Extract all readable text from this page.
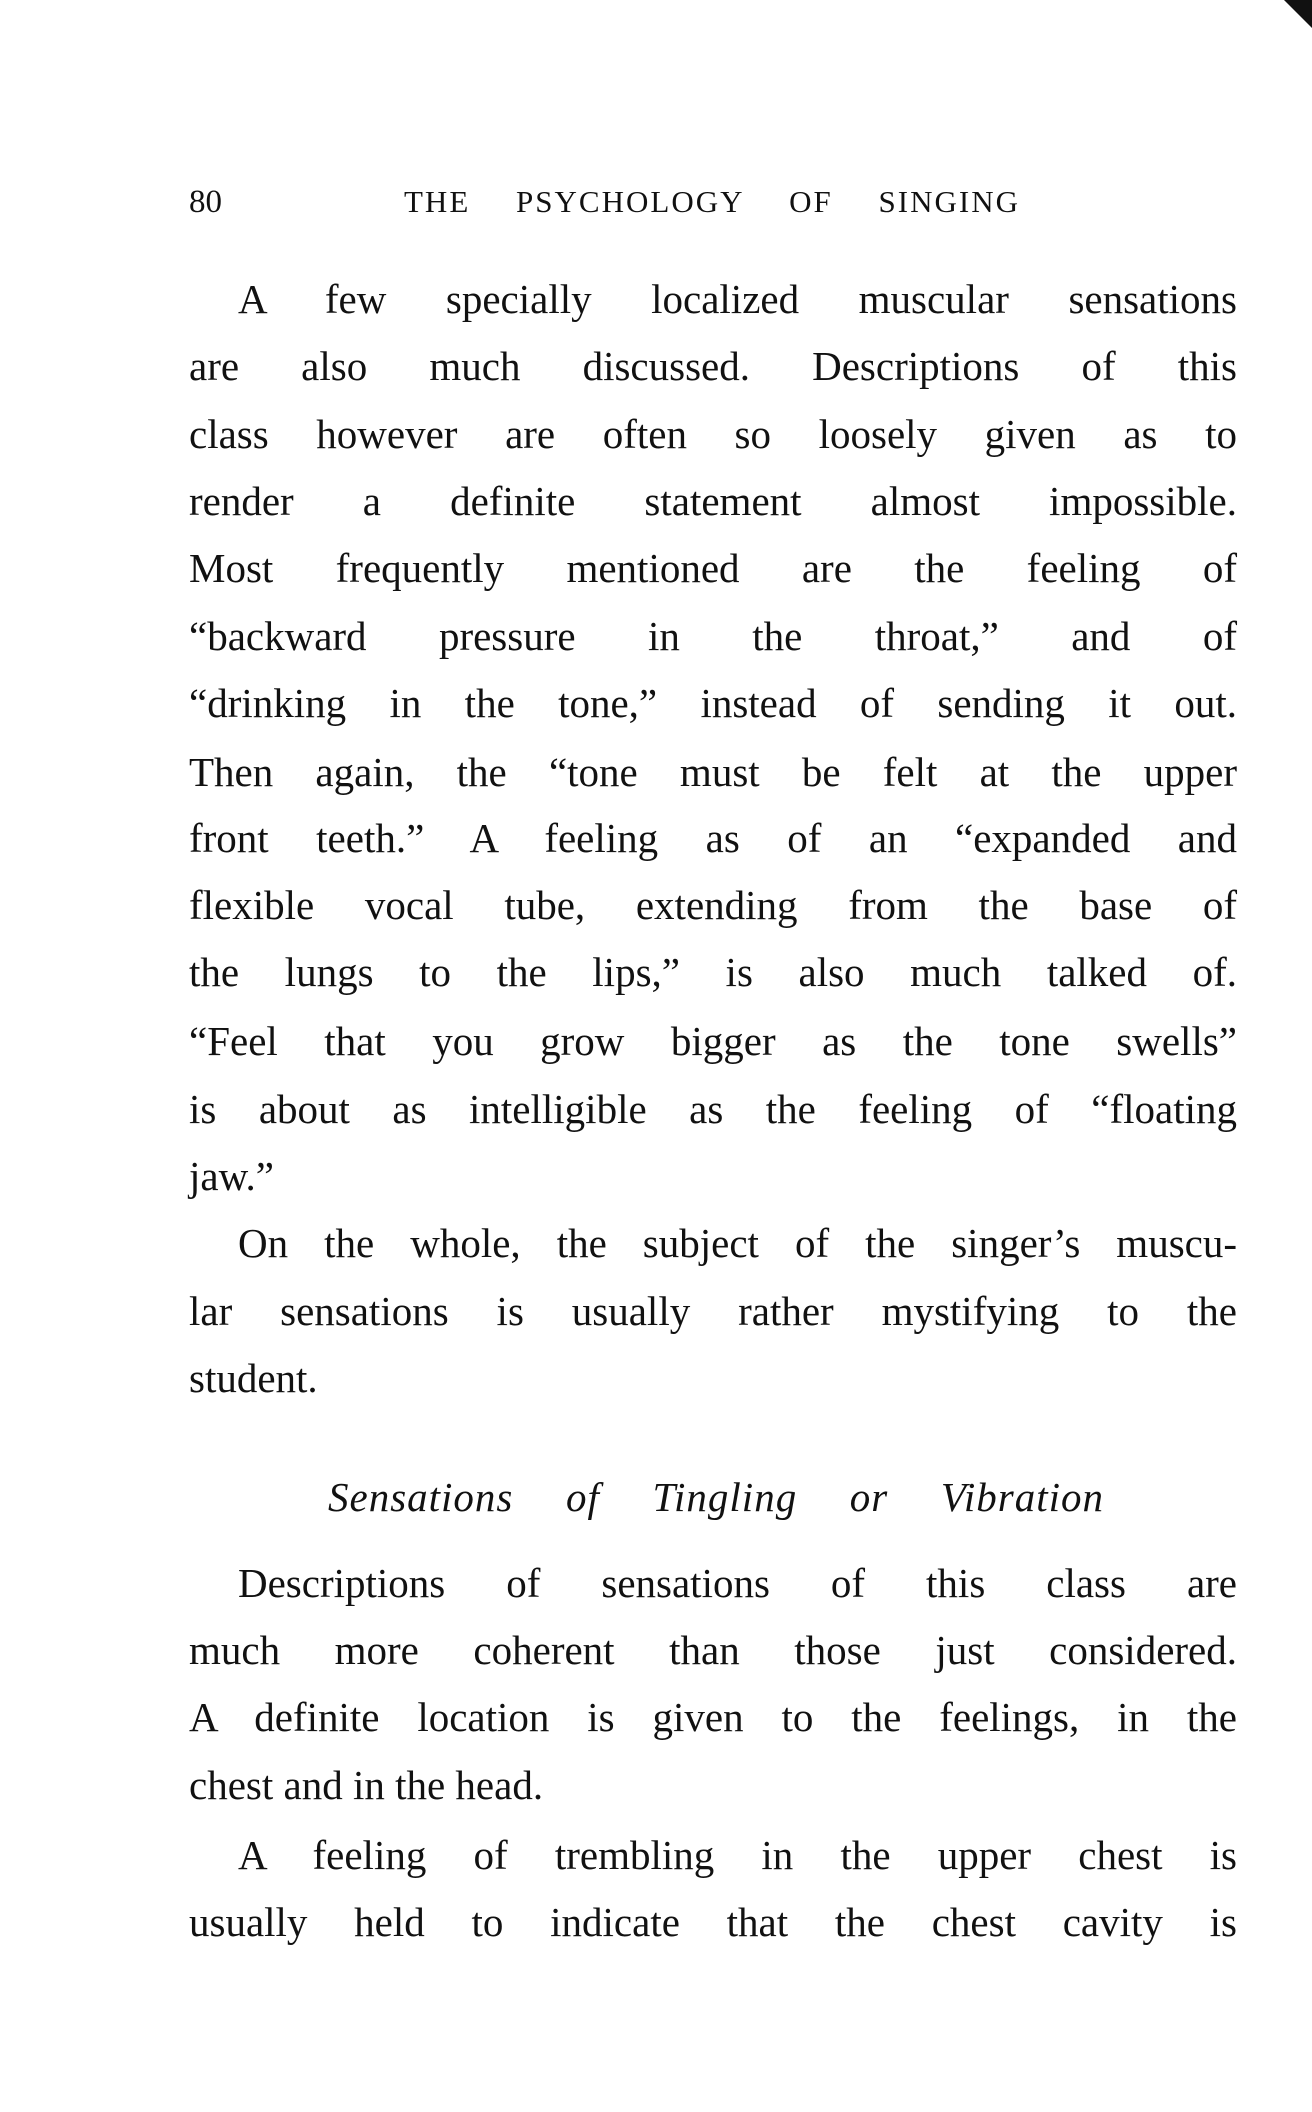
80	THE PSYCHOLOGY OF SINGING
A few specially localized muscular sensations
are also much discussed. Descriptions of this
class however are often so loosely given as to
render a definite statement almost impossible.
Most frequently mentioned are the feeling of
“backward pressure in the throat,” and of
“drinking in the tone,” instead of sending it out.
Then again, the “tone must be felt at the upper
front teeth.” A feeling as of an “expanded and
flexible vocal tube, extending from the base of
the lungs to the lips,” is also much talked of.
“Feel that you grow bigger as the tone swells”
is about as intelligible as the feeling of “floating
jaw.”
On the whole, the subject of the singer’s muscu-
lar sensations is usually rather mystifying to the
student.
Sensations of Tingling or Vibration
Descriptions of sensations of this class are
much more coherent than those just considered.
A definite location is given to the feelings, in the
chest and in the head.
A feeling of trembling in the upper chest is
usually held to indicate that the chest cavity is
